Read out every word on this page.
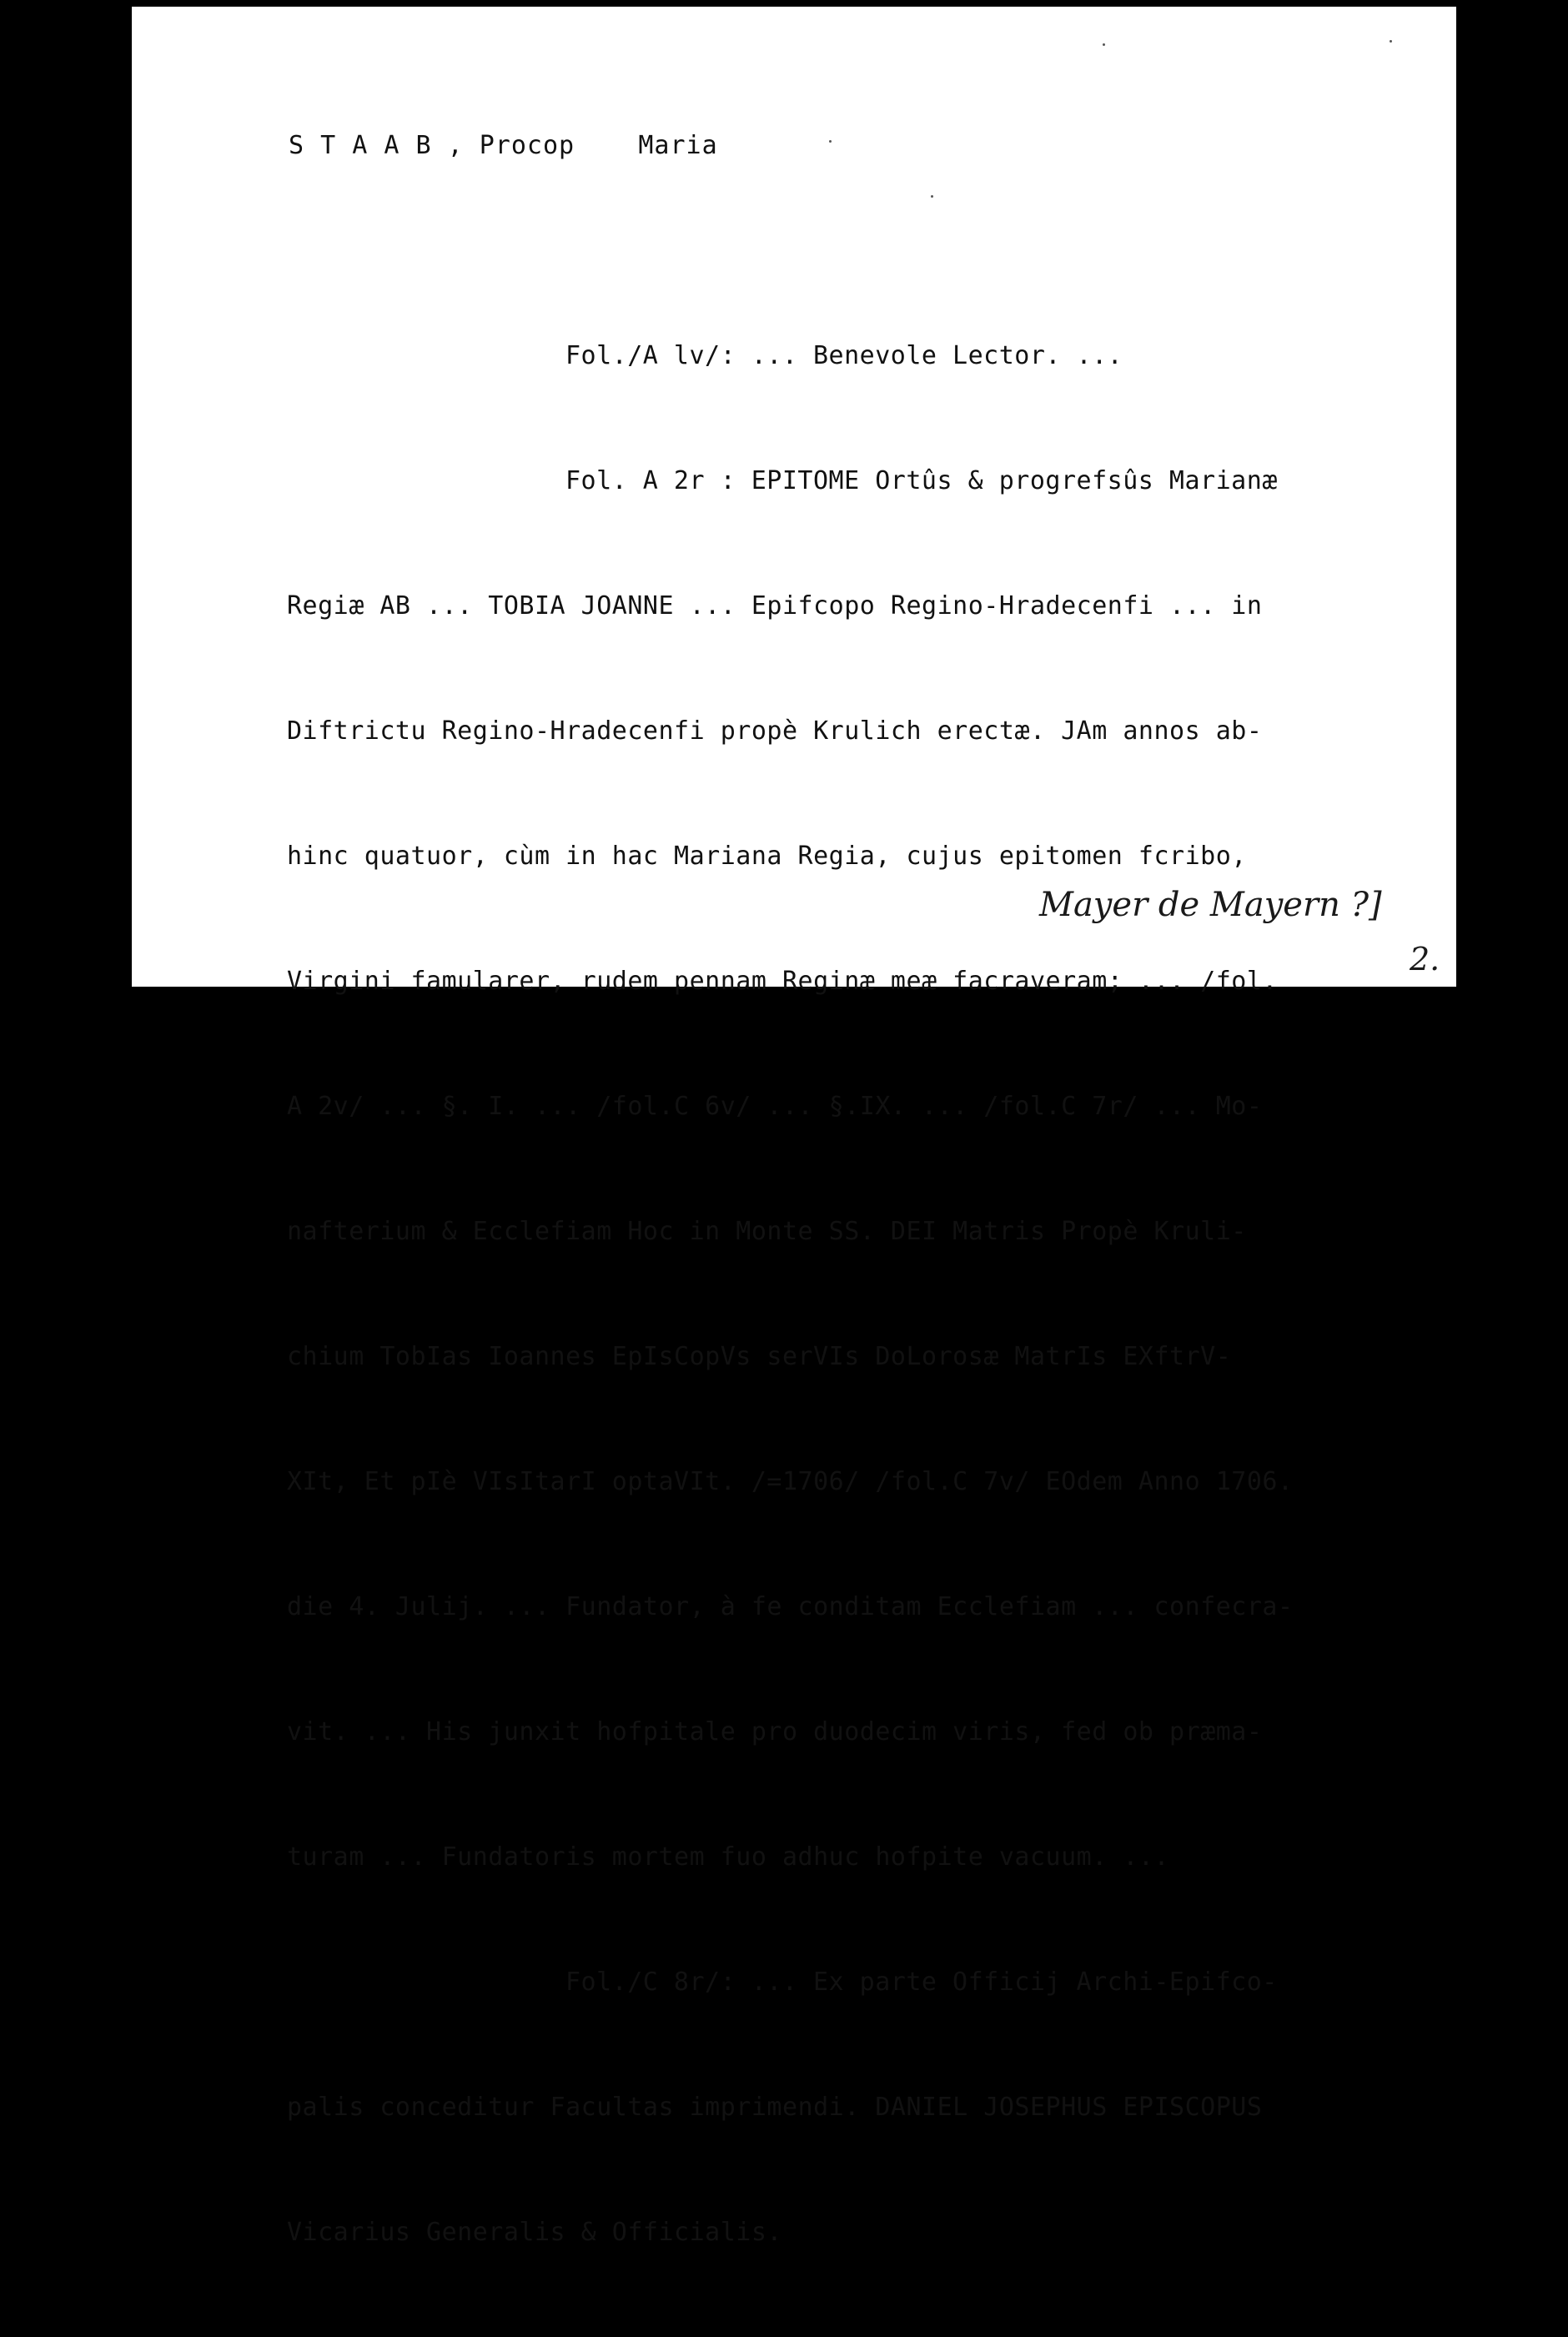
S T A A B , Procop    Maria

Fol./A lv/: ... Benevole Lector. ...

Fol. A 2r : EPITOME Ortûs & progrefsûs Marianæ

Regiæ AB ... TOBIA JOANNE ... Epifcopo Regino-Hradecenfi ... in

Diftrictu Regino-Hradecenfi propè Krulich erectæ. JAm annos ab-

hinc quatuor, cùm in hac Mariana Regia, cujus epitomen fcribo,

Virgini famularer, rudem pennam Reginæ meæ facraveram; ... /fol.

A 2v/ ... §. I. ... /fol.C 6v/ ... §.IX. ... /fol.C 7r/ ... Mo-

nafterium & Ecclefiam Hoc in Monte SS. DEI Matris Propè Kruli-

chium TobIas Ioannes EpIsCopVs serVIs DoLorosæ MatrIs EXftrV-

XIt, Et pIè VIsItarI optaVIt. /=1706/ /fol.C 7v/ EOdem Anno 1706.

die 4. Julij. ... Fundator, à fe conditam Ecclefiam ... confecra-

vit. ... His junxit hofpitale pro duodecim viris, fed ob præma-

turam ... Fundatoris mortem fuo adhuc hofpite vacuum. ...

Fol./C 8r/: ... Ex parte Officij Archi-Epifco-

palis conceditur Facultas imprimendi. DANIEL JOSEPHUS EPISCOPUS

Vicarius Generalis & Officialis.

Mayer de Mayern ?]
2.
